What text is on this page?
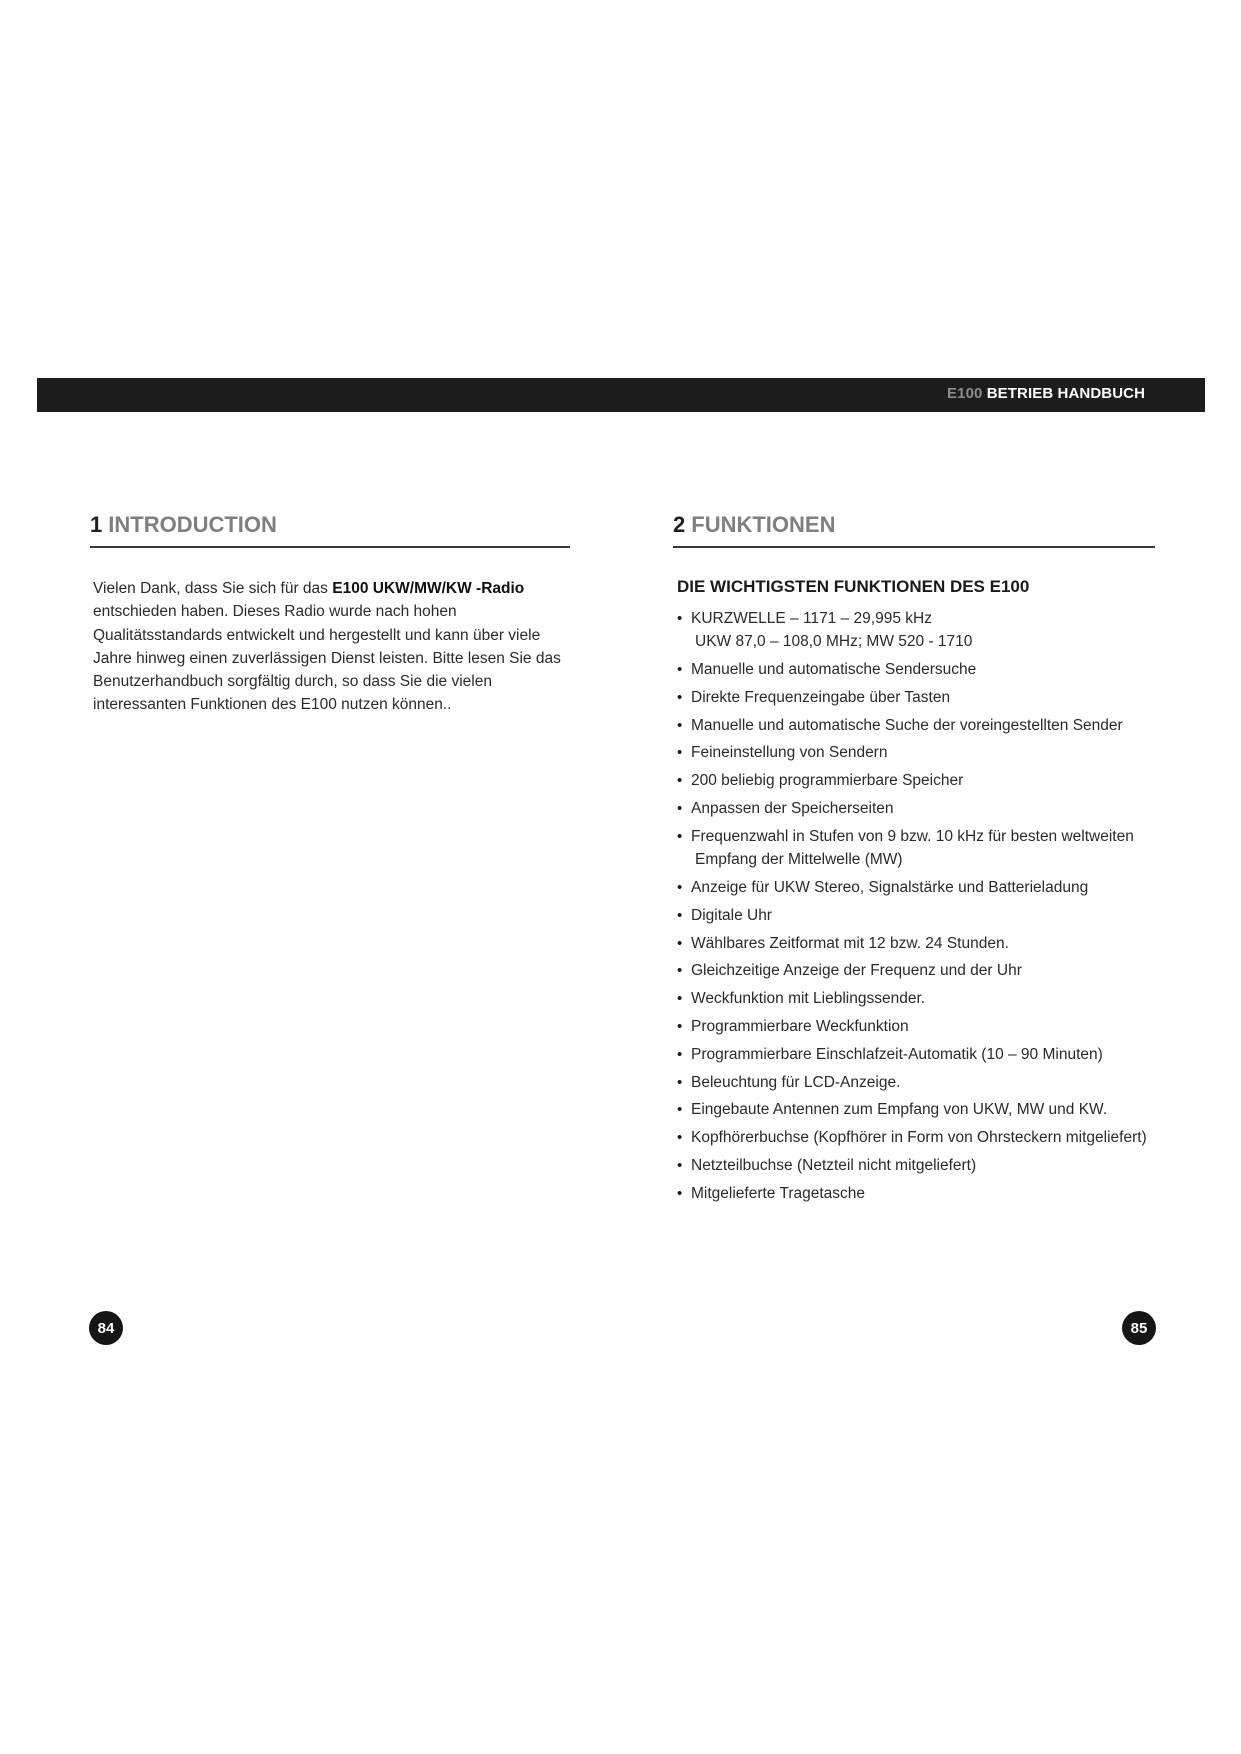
E100 BETRIEB HANDBUCH
1 INTRODUCTION

Vielen Dank, dass Sie sich für das E100 UKW/MW/KW -Radio entschieden haben. Dieses Radio wurde nach hohen Qualitätsstandards entwickelt und hergestellt und kann über viele Jahre hinweg einen zuverlässigen Dienst leisten. Bitte lesen Sie das Benutzerhandbuch sorgfältig durch, so dass Sie die vielen interessanten Funktionen des E100 nutzen können..

2 FUNKTIONEN
DIE WICHTIGSTEN FUNKTIONEN DES E100
• KURZWELLE – 1171 – 29,995 kHz
UKW 87,0 – 108,0 MHz; MW 520 - 1710
• Manuelle und automatische Sendersuche
• Direkte Frequenzeingabe über Tasten
• Manuelle und automatische Suche der voreingestellten Sender
• Feineinstellung von Sendern
• 200 beliebig programmierbare Speicher
• Anpassen der Speicherseiten
• Frequenzwahl in Stufen von 9 bzw. 10 kHz für besten weltweiten
Empfang der Mittelwelle (MW)
• Anzeige für UKW Stereo, Signalstärke und Batterieladung
• Digitale Uhr
• Wählbares Zeitformat mit 12 bzw. 24 Stunden.
• Gleichzeitige Anzeige der Frequenz und der Uhr
• Weckfunktion mit Lieblingssender.
• Programmierbare Weckfunktion
• Programmierbare Einschlafzeit-Automatik (10 – 90 Minuten)
• Beleuchtung für LCD-Anzeige.
• Eingebaute Antennen zum Empfang von UKW, MW und KW.
• Kopfhörerbuchse (Kopfhörer in Form von Ohrsteckern mitgeliefert)
• Netzteilbuchse (Netzteil nicht mitgeliefert)
• Mitgelieferte Tragetasche
84	85
